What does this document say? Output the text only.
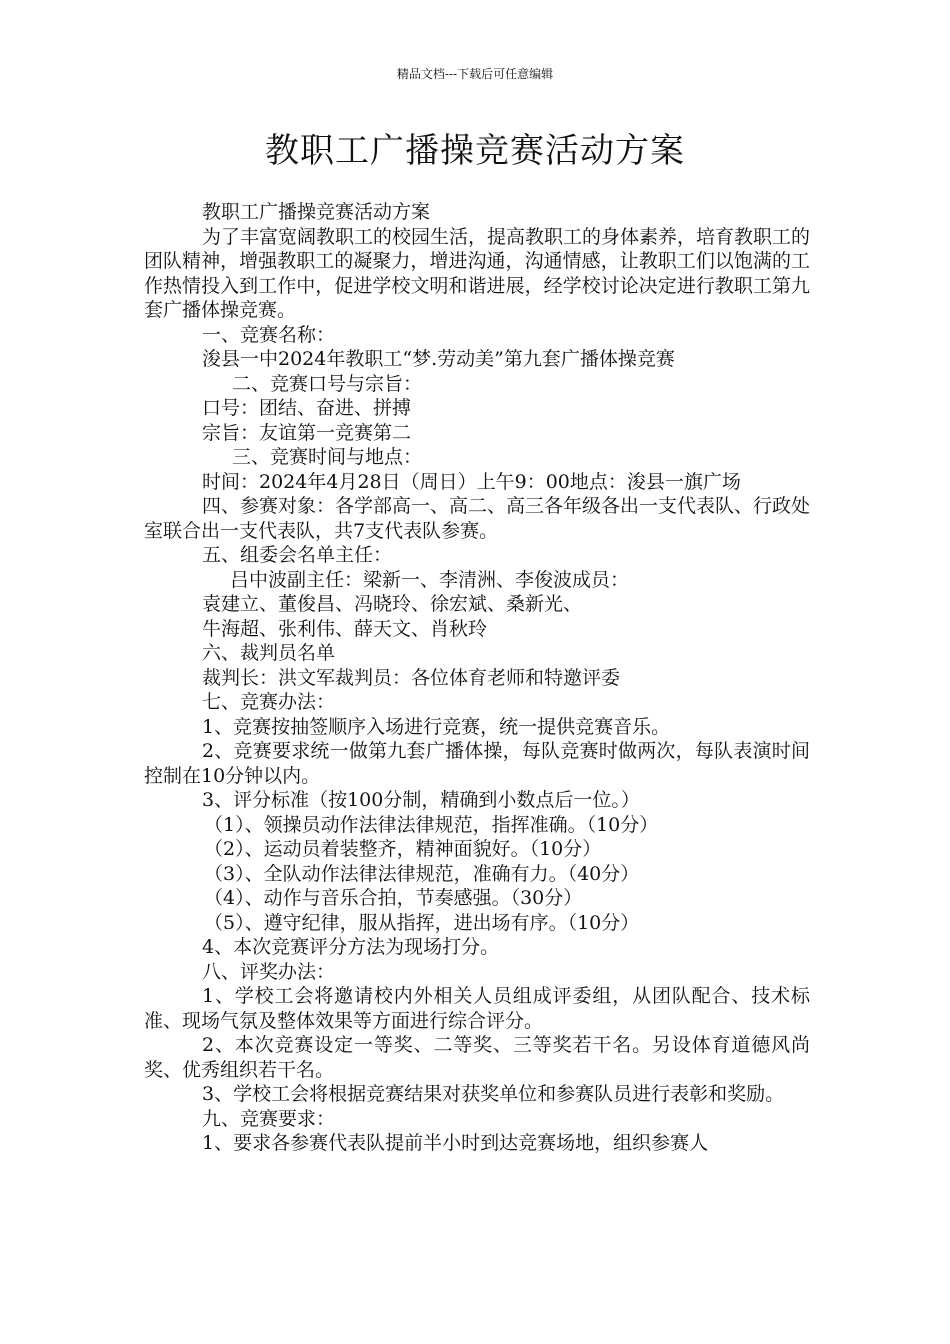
精品文档---下载后可任意编辑
教职工广播操竞赛活动方案

教职工广播操竞赛活动方案

为了丰富宽阔教职工的校园生活，提高教职工的身体素养，培育教职工的团队精神，增强教职工的凝聚力，增进沟通，沟通情感，让教职工们以饱满的工作热情投入到工作中，促进学校文明和谐进展，经学校讨论决定进行教职工第九套广播体操竞赛。

一、竞赛名称：

浚县一中2024年教职工“梦.劳动美”第九套广播体操竞赛

二、竞赛口号与宗旨：

口号：团结、奋进、拼搏

宗旨：友谊第一竞赛第二

三、竞赛时间与地点：

时间：2024年4月28日（周日）上午9：00地点：浚县一旗广场

四、参赛对象：各学部高一、高二、高三各年级各出一支代表队、行政处室联合出一支代表队，共7支代表队参赛。

五、组委会名单主任：

吕中波副主任：梁新一、李清洲、李俊波成员：

袁建立、董俊昌、冯晓玲、徐宏斌、桑新光、

牛海超、张利伟、薛天文、肖秋玲

六、裁判员名单

裁判长：洪文军裁判员：各位体育老师和特邀评委

七、竞赛办法：

1、竞赛按抽签顺序入场进行竞赛，统一提供竞赛音乐。

2、竞赛要求统一做第九套广播体操，每队竞赛时做两次，每队表演时间控制在10分钟以内。

3、评分标准（按100分制，精确到小数点后一位。）

（1）、领操员动作法律法律规范，指挥准确。（10分）

（2）、运动员着装整齐，精神面貌好。（10分）

（3）、全队动作法律法律规范，准确有力。（40分）

（4）、动作与音乐合拍，节奏感强。（30分）

（5）、遵守纪律，服从指挥，进出场有序。（10分）

4、本次竞赛评分方法为现场打分。

八、评奖办法：

1、学校工会将邀请校内外相关人员组成评委组，从团队配合、技术标准、现场气氛及整体效果等方面进行综合评分。

2、本次竞赛设定一等奖、二等奖、三等奖若干名。另设体育道德风尚奖、优秀组织若干名。

3、学校工会将根据竞赛结果对获奖单位和参赛队员进行表彰和奖励。

九、竞赛要求：

1、要求各参赛代表队提前半小时到达竞赛场地，组织参赛人
